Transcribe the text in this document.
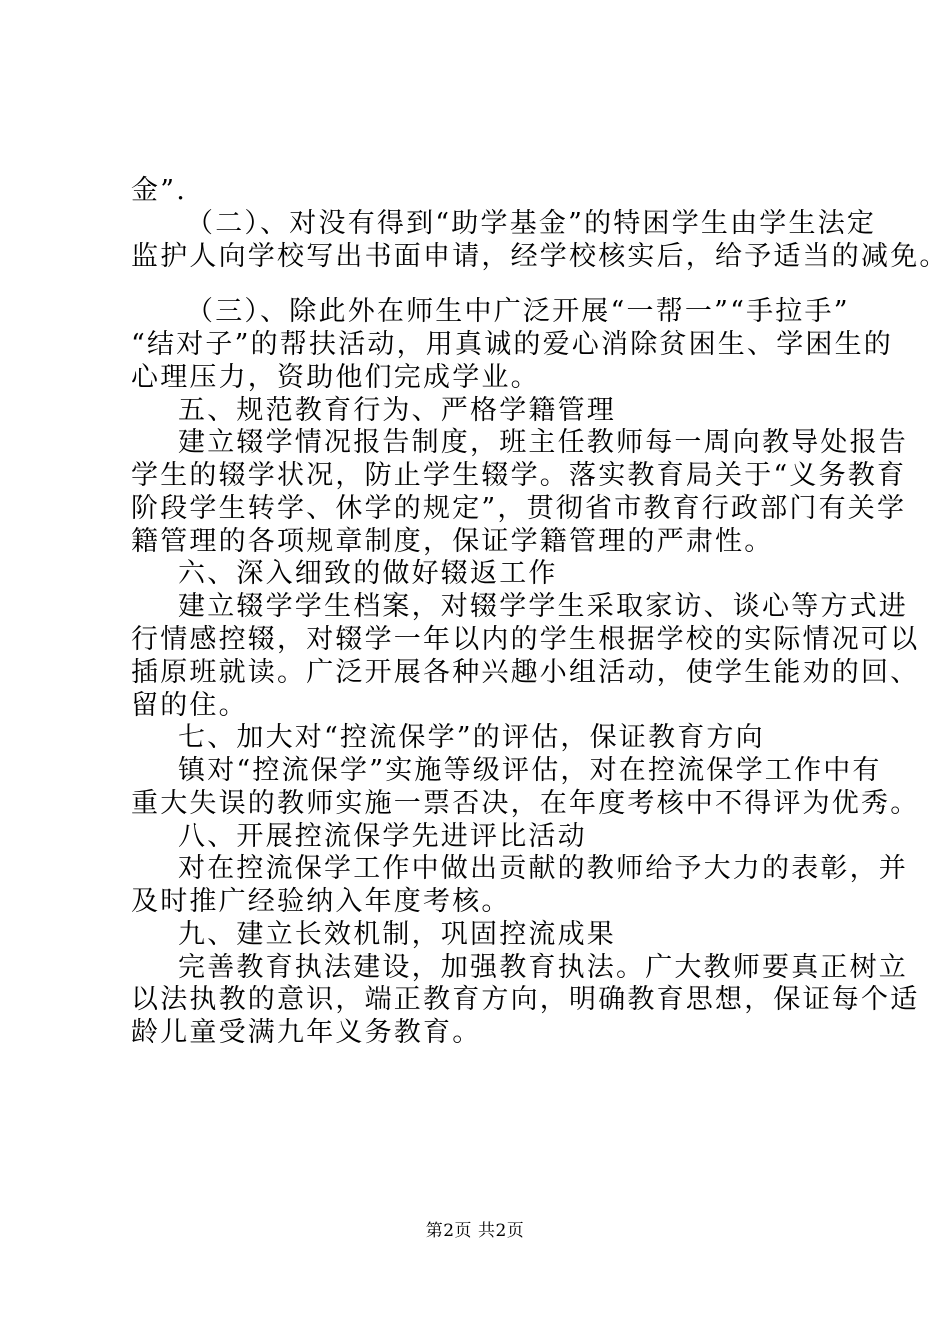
金”.
（二）、对没有得到“助学基金”的特困学生由学生法定
监护人向学校写出书面申请，经学校核实后，给予适当的减免。
（三）、除此外在师生中广泛开展“一帮一”“手拉手”
“结对子”的帮扶活动，用真诚的爱心消除贫困生、学困生的
心理压力，资助他们完成学业。
五、规范教育行为、严格学籍管理
建立辍学情况报告制度，班主任教师每一周向教导处报告
学生的辍学状况，防止学生辍学。落实教育局关于“义务教育
阶段学生转学、休学的规定”，贯彻省市教育行政部门有关学
籍管理的各项规章制度，保证学籍管理的严肃性。
六、深入细致的做好辍返工作
建立辍学学生档案，对辍学学生采取家访、谈心等方式进
行情感控辍，对辍学一年以内的学生根据学校的实际情况可以
插原班就读。广泛开展各种兴趣小组活动，使学生能劝的回、
留的住。
七、加大对“控流保学”的评估，保证教育方向
镇对“控流保学”实施等级评估，对在控流保学工作中有
重大失误的教师实施一票否决，在年度考核中不得评为优秀。
八、开展控流保学先进评比活动
对在控流保学工作中做出贡献的教师给予大力的表彰，并
及时推广经验纳入年度考核。
九、建立长效机制，巩固控流成果
完善教育执法建设，加强教育执法。广大教师要真正树立
以法执教的意识，端正教育方向，明确教育思想，保证每个适
龄儿童受满九年义务教育。
第2页 共2页
